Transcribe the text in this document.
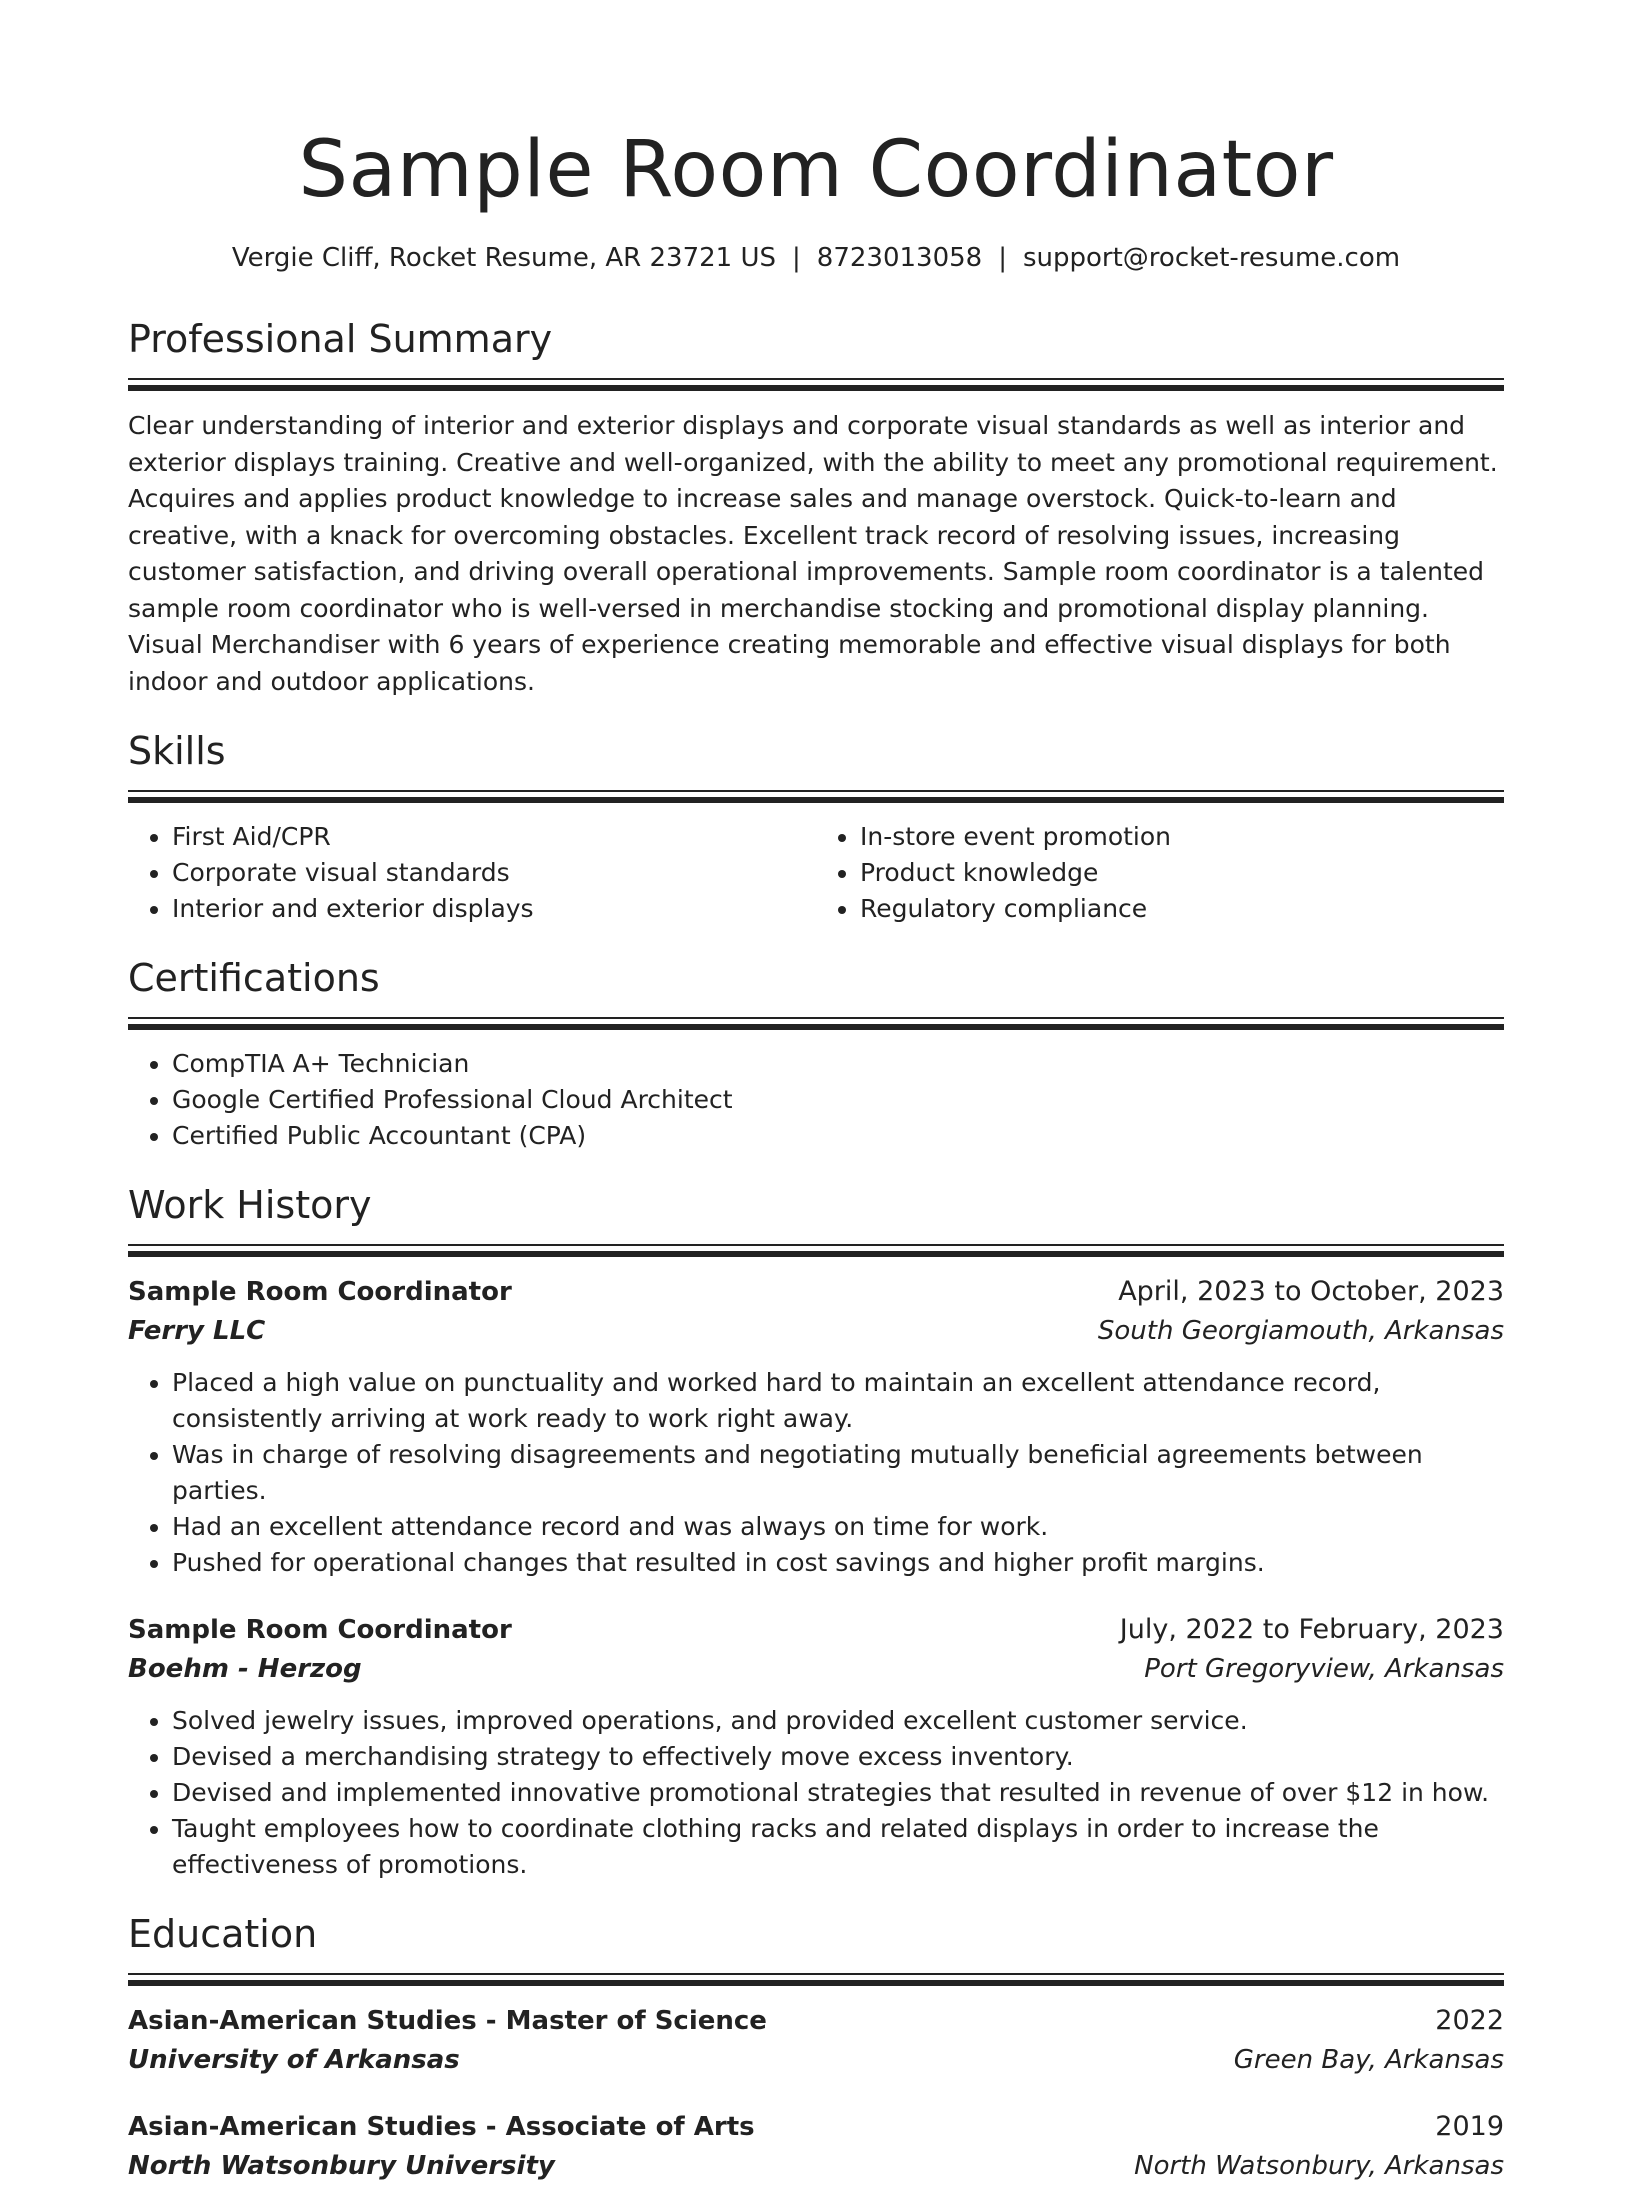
Sample Room Coordinator
Vergie Cliff, Rocket Resume, AR 23721 US | 8723013058 | support@rocket-resume.com
Professional Summary

Clear understanding of interior and exterior displays and corporate visual standards as well as interior and exterior displays training. Creative and well-organized, with the ability to meet any promotional requirement. Acquires and applies product knowledge to increase sales and manage overstock. Quick-to-learn and creative, with a knack for overcoming obstacles. Excellent track record of resolving issues, increasing customer satisfaction, and driving overall operational improvements. Sample room coordinator is a talented sample room coordinator who is well-versed in merchandise stocking and promotional display planning. Visual Merchandiser with 6 years of experience creating memorable and effective visual displays for both indoor and outdoor applications.

Skills
• First Aid/CPR
• Corporate visual standards
• Interior and exterior displays
• In-store event promotion
• Product knowledge
• Regulatory compliance
Certifications
• CompTIA A+ Technician
• Google Certified Professional Cloud Architect
• Certified Public Accountant (CPA)
Work History
Sample Room Coordinator	April, 2023 to October, 2023
Ferry LLC	South Georgiamouth, Arkansas
• Placed a high value on punctuality and worked hard to maintain an excellent attendance record, consistently arriving at work ready to work right away.
• Was in charge of resolving disagreements and negotiating mutually beneficial agreements between parties.
• Had an excellent attendance record and was always on time for work.
• Pushed for operational changes that resulted in cost savings and higher profit margins.
Sample Room Coordinator	July, 2022 to February, 2023
Boehm - Herzog	Port Gregoryview, Arkansas
• Solved jewelry issues, improved operations, and provided excellent customer service.
• Devised a merchandising strategy to effectively move excess inventory.
• Devised and implemented innovative promotional strategies that resulted in revenue of over $12 in how.
• Taught employees how to coordinate clothing racks and related displays in order to increase the effectiveness of promotions.
Education
Asian-American Studies - Master of Science	2022
University of Arkansas	Green Bay, Arkansas
Asian-American Studies - Associate of Arts	2019
North Watsonbury University	North Watsonbury, Arkansas
